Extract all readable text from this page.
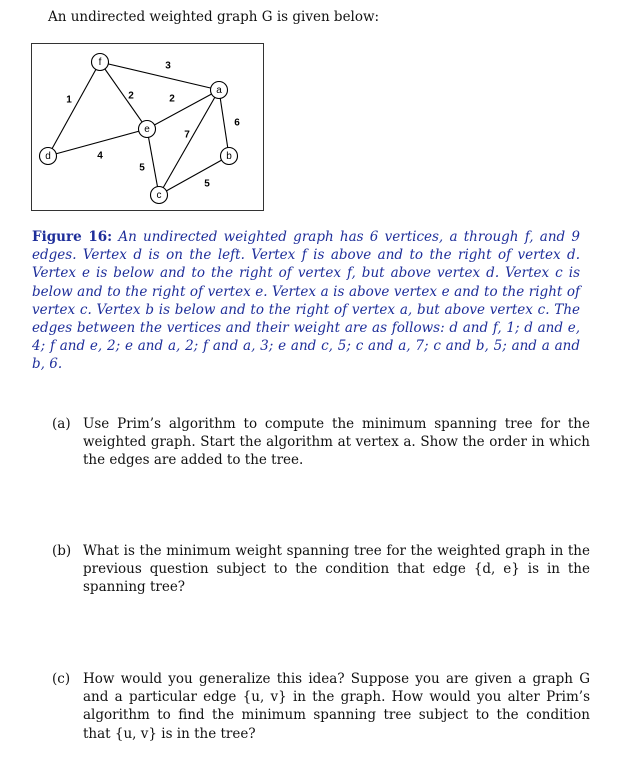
An undirected weighted graph G is given below:
1
4
2	2
3
5
7
5
6
f
a
e
d	b
c
Figure 16: An undirected weighted graph has 6 vertices, a through f, and 9 edges. Vertex d is on the left. Vertex f is above and to the right of vertex d. Vertex e is below and to the right of vertex f, but above vertex d. Vertex c is below and to the right of vertex e. Vertex a is above vertex e and to the right of vertex c. Vertex b is below and to the right of vertex a, but above vertex c. The edges between the vertices and their weight are as follows: d and f, 1; d and e, 4; f and e, 2; e and a, 2; f and a, 3; e and c, 5; c and a, 7; c and b, 5; and a and b, 6.
(a) Use Prim’s algorithm to compute the minimum spanning tree for the weighted graph. Start the algorithm at vertex a. Show the order in which the edges are added to the tree.
(b) What is the minimum weight spanning tree for the weighted graph in the previous question subject to the condition that edge {d, e} is in the spanning tree?
(c) How would you generalize this idea? Suppose you are given a graph G and a particular edge {u, v} in the graph. How would you alter Prim’s algorithm to find the minimum spanning tree subject to the condition that {u, v} is in the tree?
